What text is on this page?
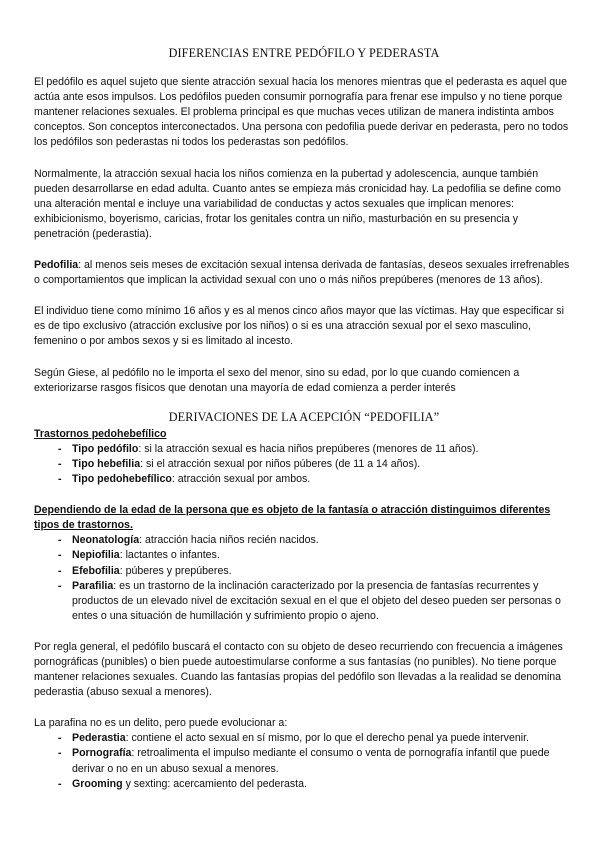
DIFERENCIAS ENTRE PEDÓFILO Y PEDERASTA

El pedófilo es aquel sujeto que siente atracción sexual hacia los menores mientras que el pederasta es aquel que actúa ante esos impulsos. Los pedófilos pueden consumir pornografía para frenar ese impulso y no tiene porque mantener relaciones sexuales. El problema principal es que muchas veces utilizan de manera indistinta ambos conceptos. Son conceptos interconectados. Una persona con pedofilia puede derivar en pederasta, pero no todos los pedófilos son pederastas ni todos los pederastas son pedófilos.

Normalmente, la atracción sexual hacia los niños comienza en la pubertad y adolescencia, aunque también pueden desarrollarse en edad adulta. Cuanto antes se empieza más cronicidad hay. La pedofilia se define como una alteración mental e incluye una variabilidad de conductas y actos sexuales que implican menores: exhibicionismo, boyerismo, caricias, frotar los genitales contra un niño, masturbación en su presencia y penetración (pederastia).

Pedofilia: al menos seis meses de excitación sexual intensa derivada de fantasías, deseos sexuales irrefrenables o comportamientos que implican la actividad sexual con uno o más niños prepúberes (menores de 13 años).

El individuo tiene como mínimo 16 años y es al menos cinco años mayor que las víctimas. Hay que especificar si es de tipo exclusivo (atracción exclusive por los niños) o si es una atracción sexual por el sexo masculino, femenino o por ambos sexos y si es limitado al incesto.

Según Giese, al pedófilo no le importa el sexo del menor, sino su edad, por lo que cuando comiencen a exteriorizarse rasgos físicos que denotan una mayoría de edad comienza a perder interés

DERIVACIONES DE LA ACEPCIÓN “PEDOFILIA”
Trastornos pedohebefílico
- Tipo pedófilo: si la atracción sexual es hacia niños prepúberes (menores de 11 años).
- Tipo hebefilia: si el atracción sexual por niños púberes (de 11 a 14 años).
- Tipo pedohebefílico: atracción sexual por ambos.
Dependiendo de la edad de la persona que es objeto de la fantasía o atracción distinguimos diferentes tipos de trastornos.
- Neonatología: atracción hacia niños recién nacidos.
- Nepiofilia: lactantes o infantes.
- Efebofilia: púberes y prepúberes.
- Parafilia: es un trastorno de la inclinación caracterizado por la presencia de fantasías recurrentes y productos de un elevado nivel de excitación sexual en el que el objeto del deseo pueden ser personas o entes o una situación de humillación y sufrimiento propio o ajeno.

Por regla general, el pedófilo buscará el contacto con su objeto de deseo recurriendo con frecuencia a imágenes pornográficas (punibles) o bien puede autoestimularse conforme a sus fantasías (no punibles). No tiene porque mantener relaciones sexuales. Cuando las fantasías propias del pedófilo son llevadas a la realidad se denomina pederastia (abuso sexual a menores).

La parafina no es un delito, pero puede evolucionar a:
- Pederastia: contiene el acto sexual en sí mismo, por lo que el derecho penal ya puede intervenir.
- Pornografía: retroalimenta el impulso mediante el consumo o venta de pornografía infantil que puede derivar o no en un abuso sexual a menores.
- Grooming y sexting: acercamiento del pederasta.
